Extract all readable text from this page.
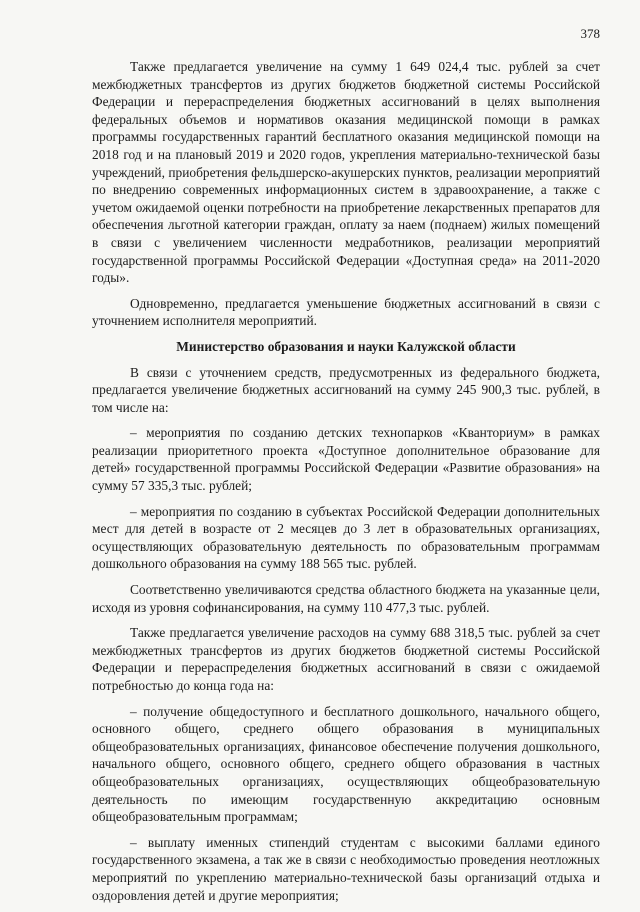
378

Также предлагается увеличение на сумму 1 649 024,4 тыс. рублей за счет межбюджетных трансфертов из других бюджетов бюджетной системы Российской Федерации и перераспределения бюджетных ассигнований в целях выполнения федеральных объемов и нормативов оказания медицинской помощи в рамках программы государственных гарантий бесплатного оказания медицинской помощи на 2018 год и на плановый 2019 и 2020 годов, укрепления материально-технической базы учреждений, приобретения фельдшерско-акушерских пунктов, реализации мероприятий по внедрению современных информационных систем в здравоохранение, а также с учетом ожидаемой оценки потребности на приобретение лекарственных препаратов для обеспечения льготной категории граждан, оплату за наем (поднаем) жилых помещений в связи с увеличением численности медработников, реализации мероприятий государственной программы Российской Федерации «Доступная среда» на 2011-2020 годы».

Одновременно, предлагается уменьшение бюджетных ассигнований в связи с уточнением исполнителя мероприятий.

Министерство образования и науки Калужской области

В связи с уточнением средств, предусмотренных из федерального бюджета, предлагается увеличение бюджетных ассигнований на сумму 245 900,3 тыс. рублей, в том числе на:

– мероприятия по созданию детских технопарков «Кванториум» в рамках реализации приоритетного проекта «Доступное дополнительное образование для детей» государственной программы Российской Федерации «Развитие образования» на сумму 57 335,3 тыс. рублей;

– мероприятия по созданию в субъектах Российской Федерации дополнительных мест для детей в возрасте от 2 месяцев до 3 лет в образовательных организациях, осуществляющих образовательную деятельность по образовательным программам дошкольного образования на сумму 188 565 тыс. рублей.

Соответственно увеличиваются средства областного бюджета на указанные цели, исходя из уровня софинансирования, на сумму 110 477,3 тыс. рублей.

Также предлагается увеличение расходов на сумму 688 318,5 тыс. рублей за счет межбюджетных трансфертов из других бюджетов бюджетной системы Российской Федерации и перераспределения бюджетных ассигнований в связи с ожидаемой потребностью до конца года на:

– получение общедоступного и бесплатного дошкольного, начального общего, основного общего, среднего общего образования в муниципальных общеобразовательных организациях, финансовое обеспечение получения дошкольного, начального общего, основного общего, среднего общего образования в частных общеобразовательных организациях, осуществляющих общеобразовательную деятельность по имеющим государственную аккредитацию основным общеобразовательным программам;

– выплату именных стипендий студентам с высокими баллами единого государственного экзамена, а так же в связи с необходимостью проведения неотложных мероприятий по укреплению материально-технической базы организаций отдыха и оздоровления детей и другие мероприятия;
